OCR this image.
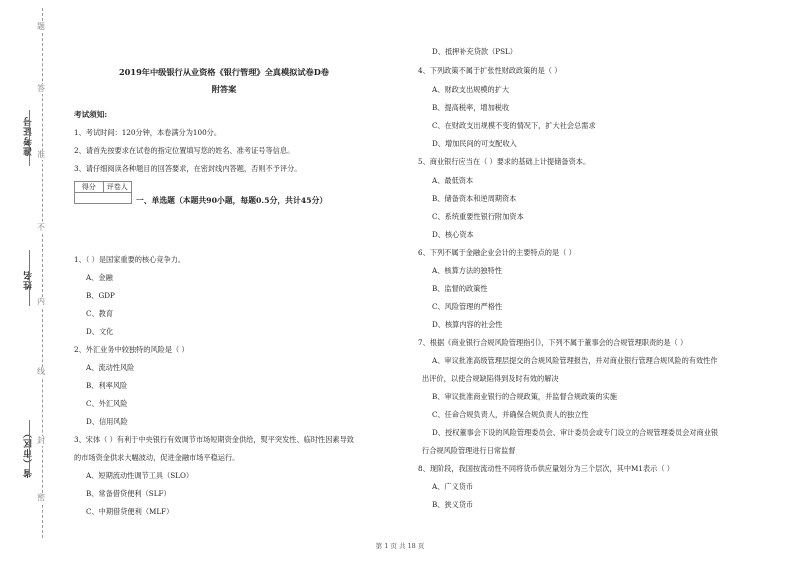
题
答
准
不
内
线
封
密
准考证号
姓名
省（市区）
2019年中级银行从业资格《银行管理》全真模拟试卷D卷
附答案
考试须知:
1、考试时间：120分钟，本卷满分为100分。
2、请首先按要求在试卷的指定位置填写您的姓名、准考证号等信息。
3、请仔细阅读各种题目的回答要求，在密封线内答题，否则不予评分。
得分	评卷人
一、单选题（本题共90小题，每题0.5分，共计45分）
1、（ ）是国家重要的核心竞争力。
A、金融
B、GDP
C、教育
D、文化
2、外汇业务中较独特的风险是（ ）
A、流动性风险
B、利率风险
C、外汇风险
D、信用风险
3、宋体（ ）有利于中央银行有效调节市场短期资金供给，熨平突发性、临时性因素导致
的市场资金供求大幅波动，促进金融市场平稳运行。
A、短期流动性调节工具（SLO）
B、常备借贷便利（SLF）
C、中期借贷便利（MLF）
D、抵押补充贷款（PSL）
4、下列政策不属于扩张性财政政策的是（ ）
A、财政支出规模的扩大
B、提高税率，增加税收
C、在财政支出规模不变的情况下，扩大社会总需求
D、增加民间的可支配收入
5、商业银行应当在（ ）要求的基础上计提储备资本。
A、最低资本
B、储备资本和逆周期资本
C、系统重要性银行附加资本
D、核心资本
6、下列不属于金融企业会计的主要特点的是（ ）
A、核算方法的独特性
B、监督的政策性
C、风险管理的严格性
D、核算内容的社会性
7、根据《商业银行合规风险管理指引》，下列不属于董事会的合规管理职责的是（ ）
A、审议批准高级管理层提交的合规风险管理报告，并对商业银行管理合规风险的有效性作
出评价，以使合规缺陷得到及时有效的解决
B、审议批准商业银行的合规政策，并监督合规政策的实施
C、任命合规负责人，并确保合规负责人的独立性
D、授权董事会下设的风险管理委员会、审计委员会或专门设立的合规管理委员会对商业银
行合规风险管理进行日常监督
8、现阶段，我国按流动性不同将货币供应量划分为三个层次，其中M1表示（ ）
A、广义货币
B、狭义货币
第 1 页 共 18 页
